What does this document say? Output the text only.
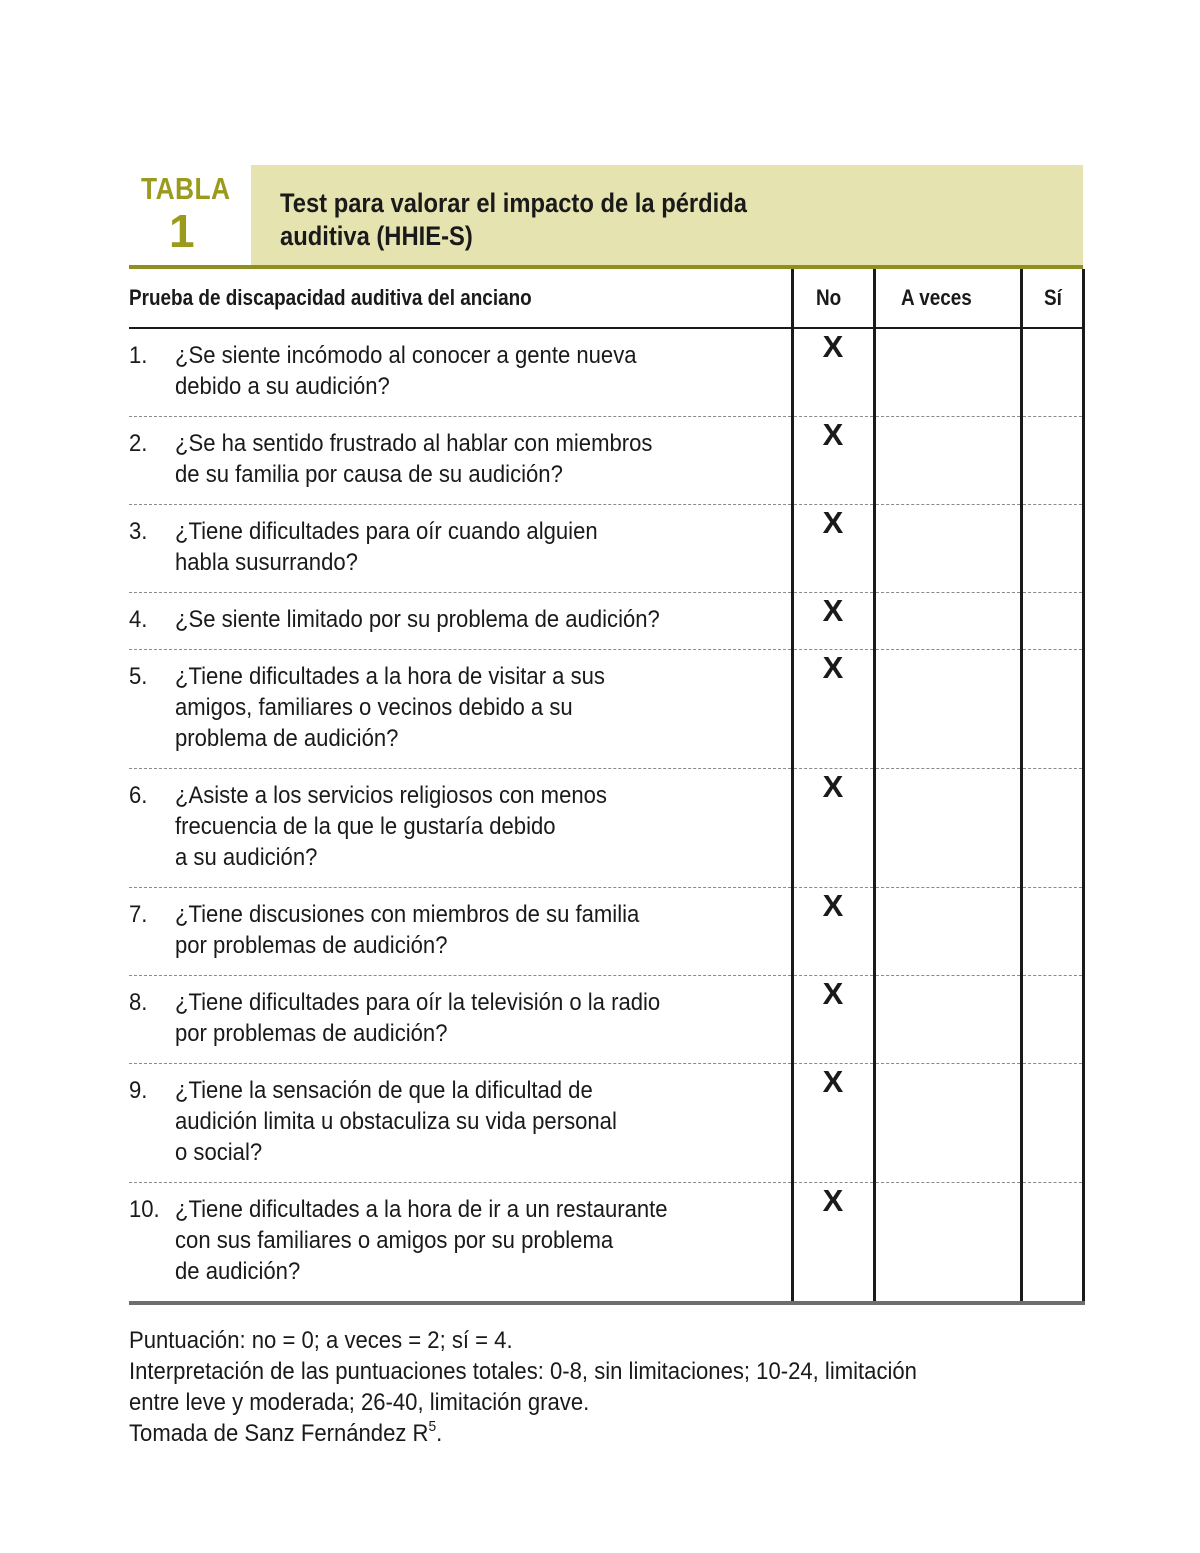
TABLA
1
Test para valorar el impacto de la pérdida
auditiva (HHIE-S)
Prueba de discapacidad auditiva del anciano	No	A veces	Sí

1. ¿Se siente incómodo al conocer a gente nueva
debido a su audición?	X		

2. ¿Se ha sentido frustrado al hablar con miembros
de su familia por causa de su audición?	X		

3. ¿Tiene dificultades para oír cuando alguien
habla susurrando?	X		

4. ¿Se siente limitado por su problema de audición?	X		

5. ¿Tiene dificultades a la hora de visitar a sus
amigos, familiares o vecinos debido a su
problema de audición?	X		

6. ¿Asiste a los servicios religiosos con menos
frecuencia de la que le gustaría debido
a su audición?	X		

7. ¿Tiene discusiones con miembros de su familia
por problemas de audición?	X		

8. ¿Tiene dificultades para oír la televisión o la radio
por problemas de audición?	X		

9. ¿Tiene la sensación de que la dificultad de
audición limita u obstaculiza su vida personal
o social?	X		

10. ¿Tiene dificultades a la hora de ir a un restaurante
con sus familiares o amigos por su problema
de audición?	X		
Puntuación: no = 0; a veces = 2; sí = 4.
Interpretación de las puntuaciones totales: 0-8, sin limitaciones; 10-24, limitación
entre leve y moderada; 26-40, limitación grave.
Tomada de Sanz Fernández R$^5$.
